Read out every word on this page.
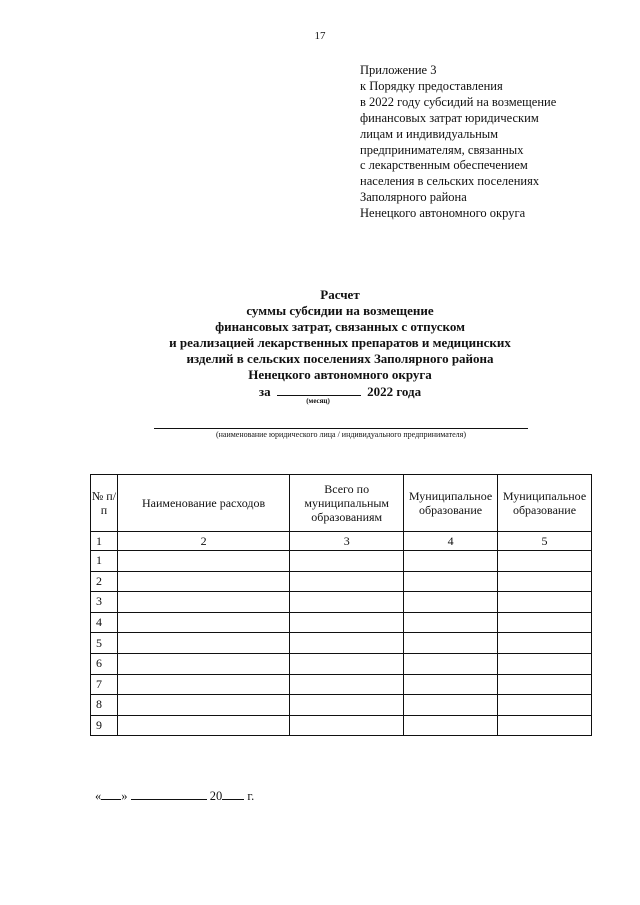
17
Приложение 3
к Порядку предоставления
в 2022 году субсидий на возмещение
финансовых затрат юридическим
лицам и индивидуальным
предпринимателям, связанных
с лекарственным обеспечением
населения в сельских поселениях
Заполярного района
Ненецкого автономного округа
Расчет
суммы субсидии на возмещение
финансовых затрат, связанных с отпуском
и реализацией лекарственных препаратов и медицинских
изделий в сельских поселениях Заполярного района
Ненецкого автономного округа
за	2022 года
(месяц)
(наименование юридического лица / индивидуального предпринимателя)
№ п/п	Наименование расходов	Всего по муниципальным образованиям	Муниципальное образование	Муниципальное образование
1	2	3	4	5
1				
2				
3				
4				
5				
6				
7				
8				
9				
« »	20 г.
